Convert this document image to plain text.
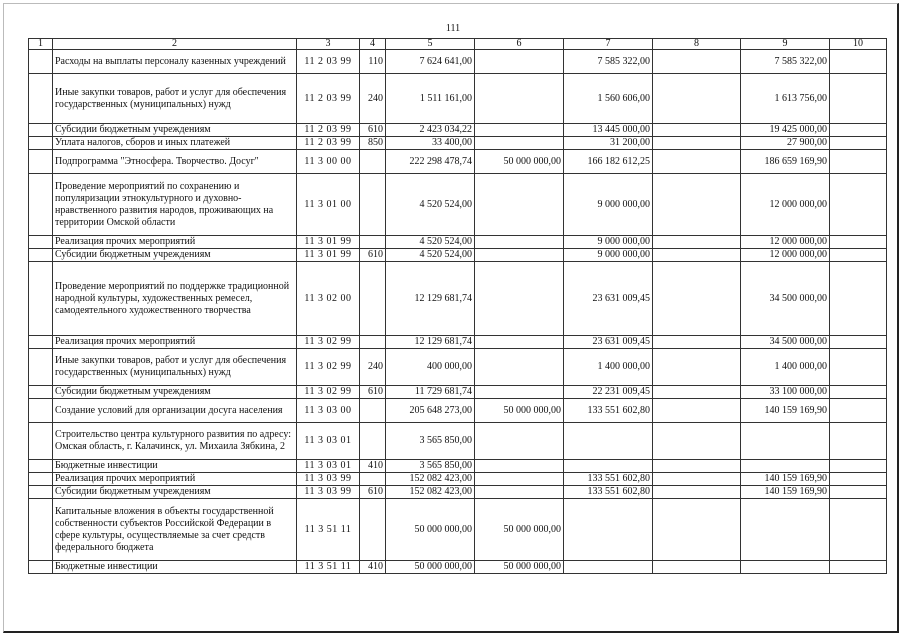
111
1	2	3	4	5	6	7	8	9	10
	Расходы на выплаты персоналу казенных учреждений	11 2 03 99	110	7 624 641,00		7 585 322,00		7 585 322,00	
	Иные закупки товаров, работ и услуг для обеспечения государственных (муниципальных) нужд	11 2 03 99	240	1 511 161,00		1 560 606,00		1 613 756,00	
	Субсидии бюджетным учреждениям	11 2 03 99	610	2 423 034,22		13 445 000,00		19 425 000,00	
	Уплата налогов, сборов и иных платежей	11 2 03 99	850	33 400,00		31 200,00		27 900,00	
	Подпрограмма "Этносфера. Творчество. Досуг"	11 3 00 00		222 298 478,74	50 000 000,00	166 182 612,25		186 659 169,90	
	Проведение мероприятий по сохранению и популяризации этнокультурного и духовно-нравственного развития народов, проживающих на территории Омской области	11 3 01 00		4 520 524,00		9 000 000,00		12 000 000,00	
	Реализация прочих мероприятий	11 3 01 99		4 520 524,00		9 000 000,00		12 000 000,00	
	Субсидии бюджетным учреждениям	11 3 01 99	610	4 520 524,00		9 000 000,00		12 000 000,00	
	Проведение мероприятий по поддержке традиционной народной культуры, художественных ремесел, самодеятельного художественного творчества	11 3 02 00		12 129 681,74		23 631 009,45		34 500 000,00	
	Реализация прочих мероприятий	11 3 02 99		12 129 681,74		23 631 009,45		34 500 000,00	
	Иные закупки товаров, работ и услуг для обеспечения государственных (муниципальных) нужд	11 3 02 99	240	400 000,00		1 400 000,00		1 400 000,00	
	Субсидии бюджетным учреждениям	11 3 02 99	610	11 729 681,74		22 231 009,45		33 100 000,00	
	Создание условий для организации досуга населения	11 3 03 00		205 648 273,00	50 000 000,00	133 551 602,80		140 159 169,90	
	Строительство центра культурного развития по адресу: Омская область, г. Калачинск, ул. Михаила Зябкина, 2	11 3 03 01		3 565 850,00					
	Бюджетные инвестиции	11 3 03 01	410	3 565 850,00					
	Реализация прочих мероприятий	11 3 03 99		152 082 423,00		133 551 602,80		140 159 169,90	
	Субсидии бюджетным учреждениям	11 3 03 99	610	152 082 423,00		133 551 602,80		140 159 169,90	
	Капитальные вложения в объекты государственной собственности субъектов Российской Федерации в сфере культуры, осуществляемые за счет средств федерального бюджета	11 3 51 11		50 000 000,00	50 000 000,00				
	Бюджетные инвестиции	11 3 51 11	410	50 000 000,00	50 000 000,00				
